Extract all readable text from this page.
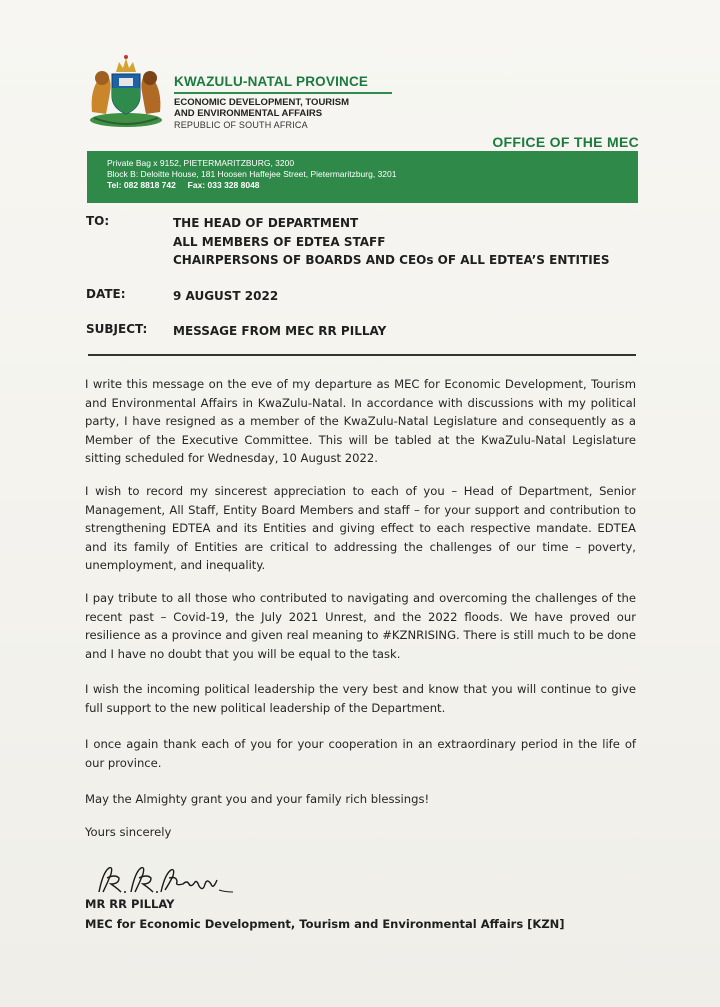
KWAZULU-NATAL PROVINCE
ECONOMIC DEVELOPMENT, TOURISM
AND ENVIRONMENTAL AFFAIRS
REPUBLIC OF SOUTH AFRICA
OFFICE OF THE MEC
Private Bag x 9152, PIETERMARITZBURG, 3200
Block B: Deloitte House, 181 Hoosen Haffejee Street, Pietermaritzburg, 3201
Tel: 082 8818 742 Fax: 033 328 8048
TO:	THE HEAD OF DEPARTMENT
ALL MEMBERS OF EDTEA STAFF
CHAIRPERSONS OF BOARDS AND CEOs OF ALL EDTEA’S ENTITIES
DATE:	9 AUGUST 2022
SUBJECT:	MESSAGE FROM MEC RR PILLAY

I write this message on the eve of my departure as MEC for Economic Development, Tourism and Environmental Affairs in KwaZulu-Natal. In accordance with discussions with my political party, I have resigned as a member of the KwaZulu-Natal Legislature and consequently as a Member of the Executive Committee. This will be tabled at the KwaZulu-Natal Legislature sitting scheduled for Wednesday, 10 August 2022.

I wish to record my sincerest appreciation to each of you – Head of Department, Senior Management, All Staff, Entity Board Members and staff – for your support and contribution to strengthening EDTEA and its Entities and giving effect to each respective mandate. EDTEA and its family of Entities are critical to addressing the challenges of our time – poverty, unemployment, and inequality.

I pay tribute to all those who contributed to navigating and overcoming the challenges of the recent past – Covid-19, the July 2021 Unrest, and the 2022 floods. We have proved our resilience as a province and given real meaning to #KZNRISING. There is still much to be done and I have no doubt that you will be equal to the task.

I wish the incoming political leadership the very best and know that you will continue to give full support to the new political leadership of the Department.

I once again thank each of you for your cooperation in an extraordinary period in the life of our province.

May the Almighty grant you and your family rich blessings!

Yours sincerely

MR RR PILLAY
MEC for Economic Development, Tourism and Environmental Affairs [KZN]
